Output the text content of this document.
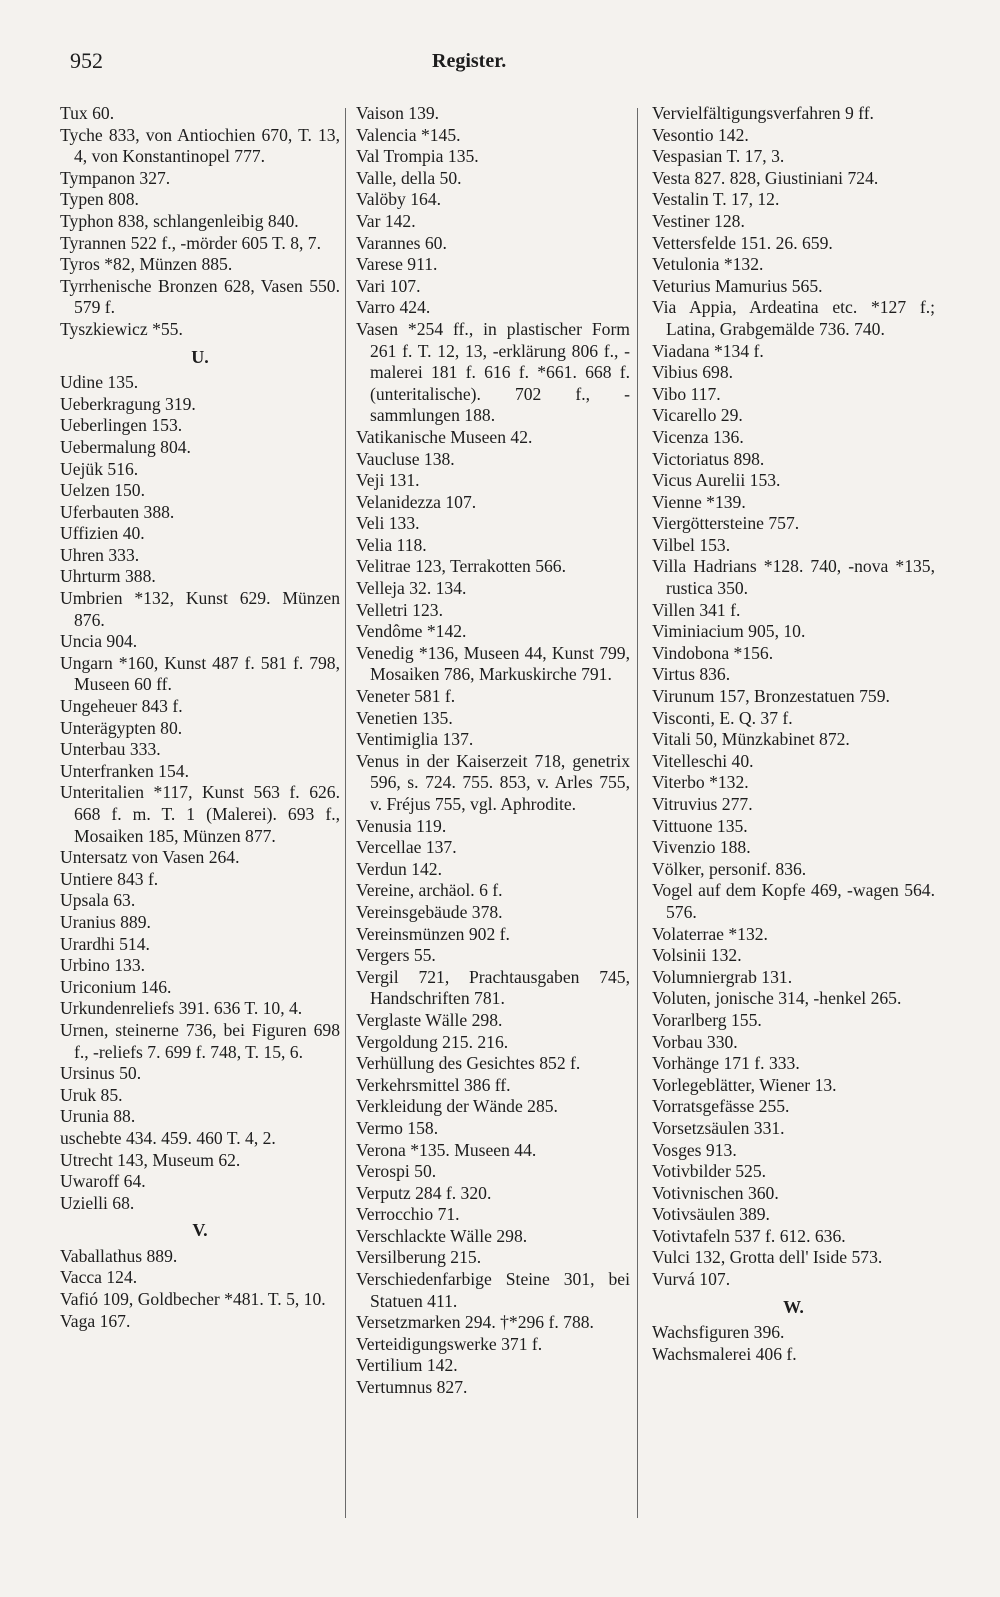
952	Register.

Tux 60.

Tyche 833, von Antiochien 670, T. 13, 4, von Konstantinopel 777.

Tympanon 327.

Typen 808.

Typhon 838, schlangenleibig 840.

Tyrannen 522 f., -mörder 605 T. 8, 7.

Tyros *82, Münzen 885.

Tyrrhenische Bronzen 628, Vasen 550. 579 f.

Tyszkiewicz *55.

U.

Udine 135.

Ueberkragung 319.

Ueberlingen 153.

Uebermalung 804.

Uejük 516.

Uelzen 150.

Uferbauten 388.

Uffizien 40.

Uhren 333.

Uhrturm 388.

Umbrien *132, Kunst 629. Münzen 876.

Uncia 904.

Ungarn *160, Kunst 487 f. 581 f. 798, Museen 60 ff.

Ungeheuer 843 f.

Unterägypten 80.

Unterbau 333.

Unterfranken 154.

Unteritalien *117, Kunst 563 f. 626. 668 f. m. T. 1 (Malerei). 693 f., Mosaiken 185, Münzen 877.

Untersatz von Vasen 264.

Untiere 843 f.

Upsala 63.

Uranius 889.

Urardhi 514.

Urbino 133.

Uriconium 146.

Urkundenreliefs 391. 636 T. 10, 4.

Urnen, steinerne 736, bei Figuren 698 f., -reliefs 7. 699 f. 748, T. 15, 6.

Ursinus 50.

Uruk 85.

Urunia 88.

uschebte 434. 459. 460 T. 4, 2.

Utrecht 143, Museum 62.

Uwaroff 64.

Uzielli 68.

V.

Vaballathus 889.

Vacca 124.

Vafió 109, Goldbecher *481. T. 5, 10.

Vaga 167.

Vaison 139.

Valencia *145.

Val Trompia 135.

Valle, della 50.

Valöby 164.

Var 142.

Varannes 60.

Varese 911.

Vari 107.

Varro 424.

Vasen *254 ff., in plastischer Form 261 f. T. 12, 13, -erklärung 806 f., -malerei 181 f. 616 f. *661. 668 f. (unteritalische). 702 f., -sammlungen 188.

Vatikanische Museen 42.

Vaucluse 138.

Veji 131.

Velanidezza 107.

Veli 133.

Velia 118.

Velitrae 123, Terrakotten 566.

Velleja 32. 134.

Velletri 123.

Vendôme *142.

Venedig *136, Museen 44, Kunst 799, Mosaiken 786, Markuskirche 791.

Veneter 581 f.

Venetien 135.

Ventimiglia 137.

Venus in der Kaiserzeit 718, genetrix 596, s. 724. 755. 853, v. Arles 755, v. Fréjus 755, vgl. Aphrodite.

Venusia 119.

Vercellae 137.

Verdun 142.

Vereine, archäol. 6 f.

Vereinsgebäude 378.

Vereinsmünzen 902 f.

Vergers 55.

Vergil 721, Prachtausgaben 745, Handschriften 781.

Verglaste Wälle 298.

Vergoldung 215. 216.

Verhüllung des Gesichtes 852 f.

Verkehrsmittel 386 ff.

Verkleidung der Wände 285.

Vermo 158.

Verona *135. Museen 44.

Verospi 50.

Verputz 284 f. 320.

Verrocchio 71.

Verschlackte Wälle 298.

Versilberung 215.

Verschiedenfarbige Steine 301, bei Statuen 411.

Versetzmarken 294. †*296 f. 788.

Verteidigungswerke 371 f.

Vertilium 142.

Vertumnus 827.

Vervielfältigungsverfahren 9 ff.

Vesontio 142.

Vespasian T. 17, 3.

Vesta 827. 828, Giustiniani 724.

Vestalin T. 17, 12.

Vestiner 128.

Vettersfelde 151. 26. 659.

Vetulonia *132.

Veturius Mamurius 565.

Via Appia, Ardeatina etc. *127 f.; Latina, Grabgemälde 736. 740.

Viadana *134 f.

Vibius 698.

Vibo 117.

Vicarello 29.

Vicenza 136.

Victoriatus 898.

Vicus Aurelii 153.

Vienne *139.

Viergöttersteine 757.

Vilbel 153.

Villa Hadrians *128. 740, -nova *135, rustica 350.

Villen 341 f.

Viminiacium 905, 10.

Vindobona *156.

Virtus 836.

Virunum 157, Bronzestatuen 759.

Visconti, E. Q. 37 f.

Vitali 50, Münzkabinet 872.

Vitelleschi 40.

Viterbo *132.

Vitruvius 277.

Vittuone 135.

Vivenzio 188.

Völker, personif. 836.

Vogel auf dem Kopfe 469, -wagen 564. 576.

Volaterrae *132.

Volsinii 132.

Volumniergrab 131.

Voluten, jonische 314, -henkel 265.

Vorarlberg 155.

Vorbau 330.

Vorhänge 171 f. 333.

Vorlegeblätter, Wiener 13.

Vorratsgefässe 255.

Vorsetzsäulen 331.

Vosges 913.

Votivbilder 525.

Votivnischen 360.

Votivsäulen 389.

Votivtafeln 537 f. 612. 636.

Vulci 132, Grotta dell' Iside 573.

Vurvá 107.

W.

Wachsfiguren 396.

Wachsmalerei 406 f.
